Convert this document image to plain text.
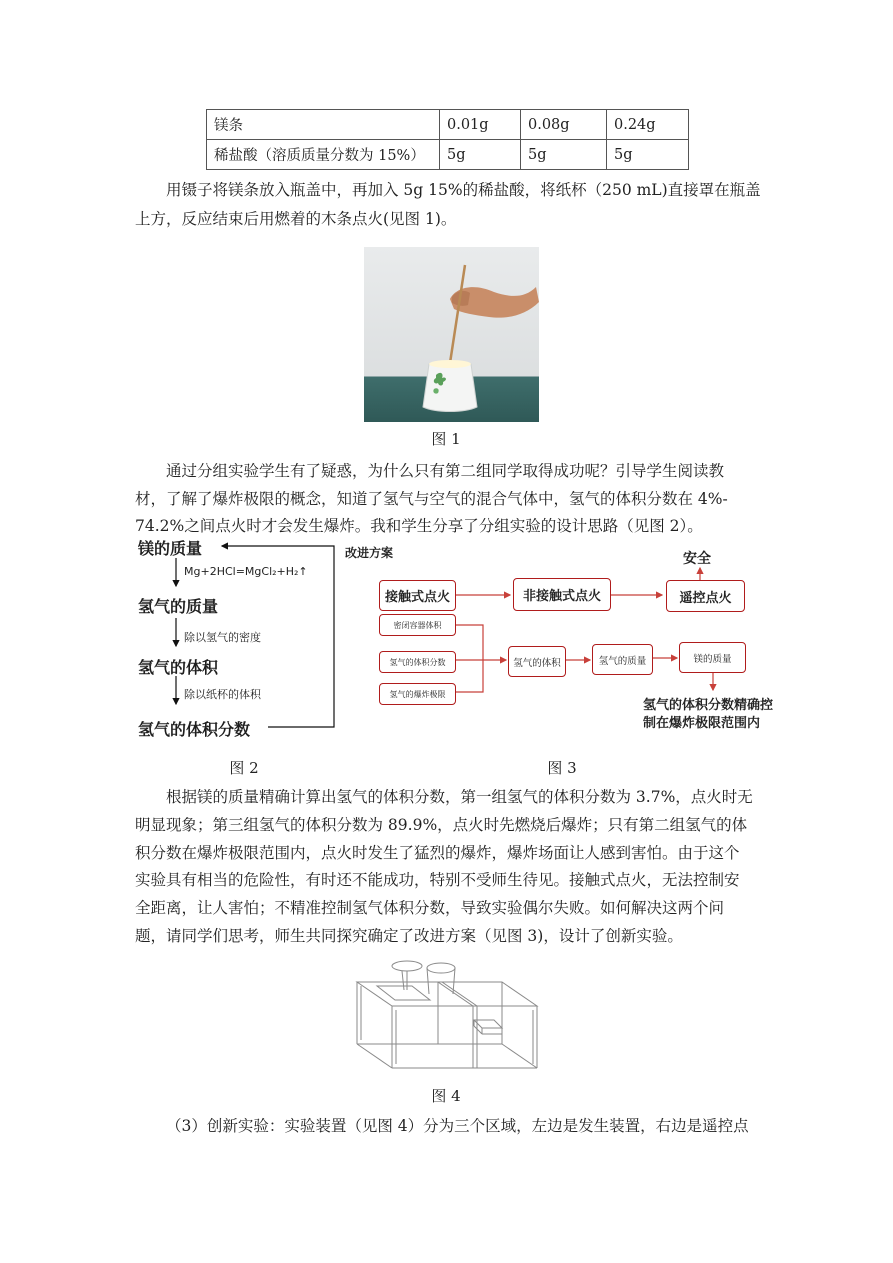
镁条	0.01g	0.08g	0.24g
稀盐酸（溶质质量分数为 15%）	5g	5g	5g
用镊子将镁条放入瓶盖中，再加入 5g 15%的稀盐酸，将纸杯（250 mL)直接罩在瓶盖
上方，反应结束后用燃着的木条点火(见图 1)。
图 1
通过分组实验学生有了疑惑，为什么只有第二组同学取得成功呢？引导学生阅读教
材，了解了爆炸极限的概念，知道了氢气与空气的混合气体中，氢气的体积分数在 4%-
74.2%之间点火时才会发生爆炸。我和学生分享了分组实验的设计思路（见图 2）。
镁的质量
Mg+2HCl=MgCl₂+H₂↑
氢气的质量
除以氢气的密度
氢气的体积
除以纸杯的体积
氢气的体积分数
改进方案	安全
接触式点火	非接触式点火	遥控点火
密闭容器体积
氢气的体积分数
氢气的爆炸极限
氢气的体积	氢气的质量	镁的质量
氢气的体积分数精确控
制在爆炸极限范围内
图 2	图 3
根据镁的质量精确计算出氢气的体积分数，第一组氢气的体积分数为 3.7%，点火时无
明显现象；第三组氢气的体积分数为 89.9%，点火时先燃烧后爆炸；只有第二组氢气的体
积分数在爆炸极限范围内，点火时发生了猛烈的爆炸，爆炸场面让人感到害怕。由于这个
实验具有相当的危险性，有时还不能成功，特别不受师生待见。接触式点火，无法控制安
全距离，让人害怕；不精准控制氢气体积分数，导致实验偶尔失败。如何解决这两个问
题，请同学们思考，师生共同探究确定了改进方案（见图 3)，设计了创新实验。
图 4
（3）创新实验：实验装置（见图 4）分为三个区域，左边是发生装置，右边是遥控点
